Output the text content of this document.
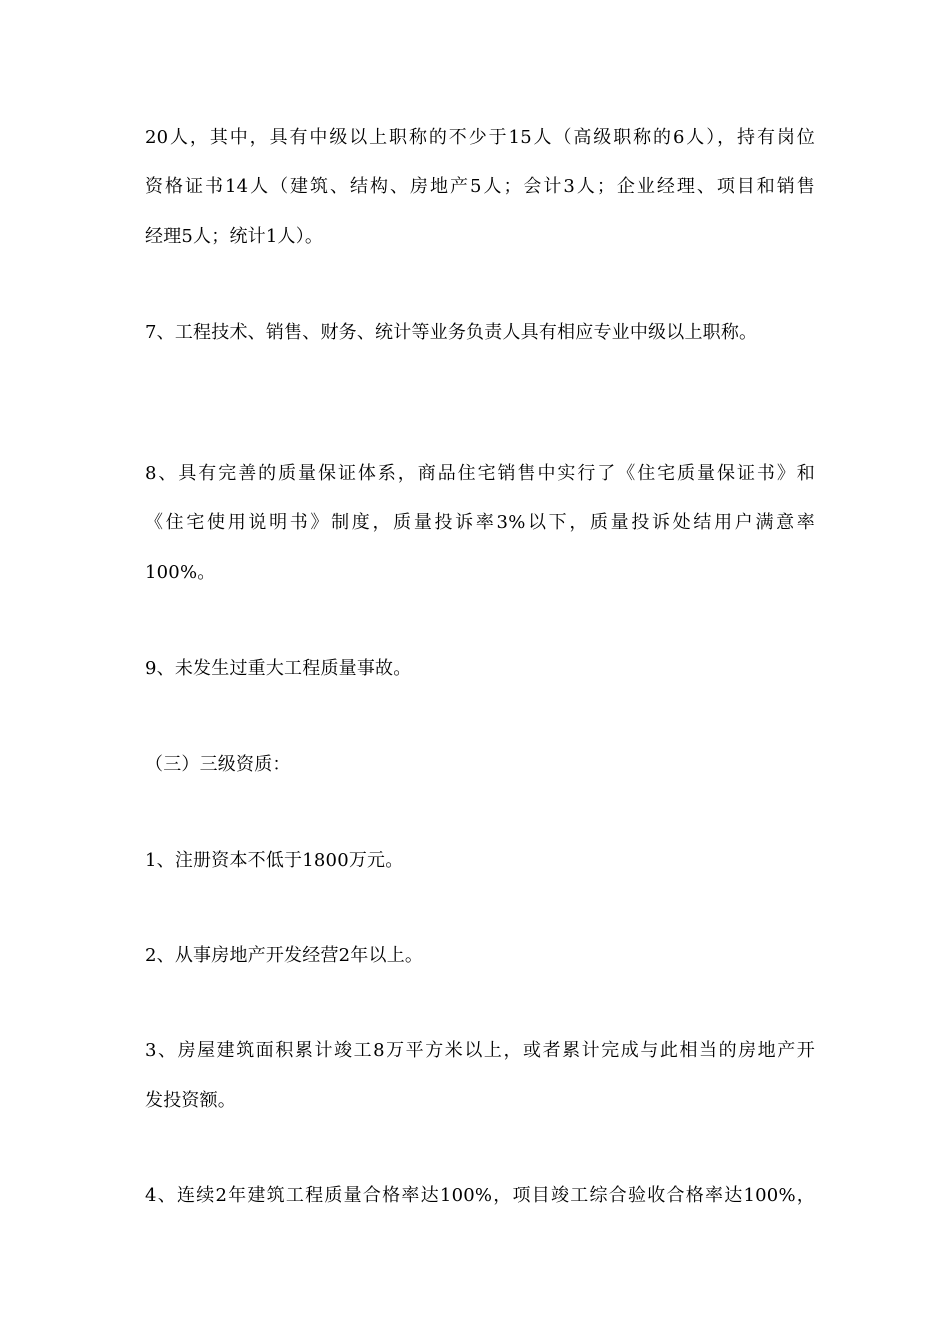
20人，其中，具有中级以上职称的不少于15人（高级职称的6人），持有岗位
资格证书14人（建筑、结构、房地产5人；会计3人；企业经理、项目和销售
经理5人；统计1人）。
7、工程技术、销售、财务、统计等业务负责人具有相应专业中级以上职称。
8、具有完善的质量保证体系，商品住宅销售中实行了《住宅质量保证书》和
《住宅使用说明书》制度，质量投诉率3%以下，质量投诉处结用户满意率
100%。
9、未发生过重大工程质量事故。
（三）三级资质：
1、注册资本不低于1800万元。
2、从事房地产开发经营2年以上。
3、房屋建筑面积累计竣工8万平方米以上，或者累计完成与此相当的房地产开
发投资额。
4、连续2年建筑工程质量合格率达100%，项目竣工综合验收合格率达100%，
